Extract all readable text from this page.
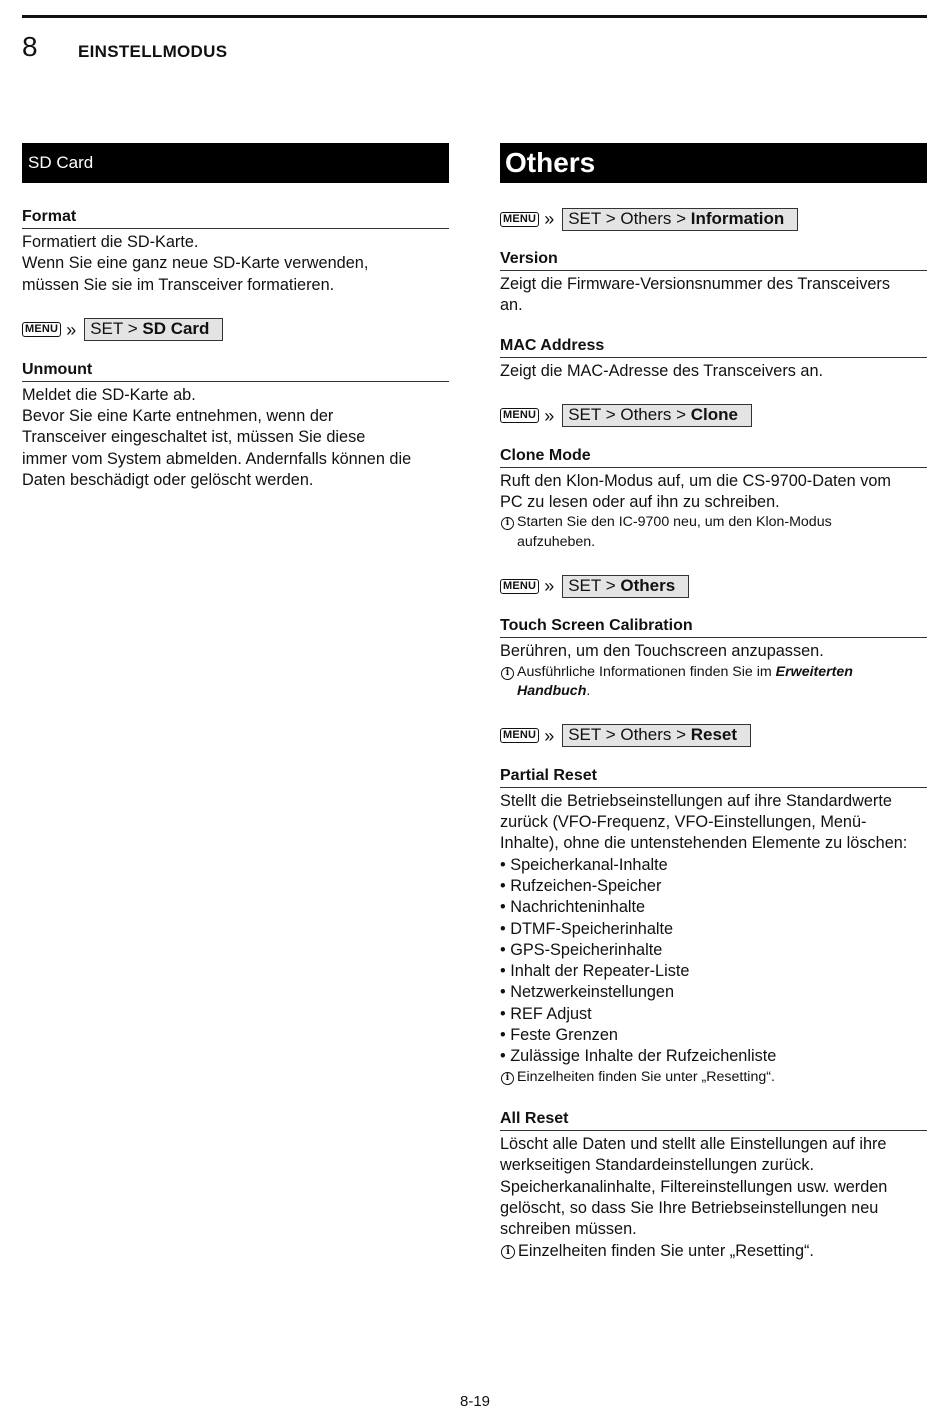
8 EINSTELLMODUS
SD Card
Format

Formatiert die SD-Karte.
Wenn Sie eine ganz neue SD-Karte verwenden,
müssen Sie sie im Transceiver formatieren.

MENU » SET > SD Card
Unmount

Meldet die SD-Karte ab.
Bevor Sie eine Karte entnehmen, wenn der
Transceiver eingeschaltet ist, müssen Sie diese
immer vom System abmelden. Andernfalls können die
Daten beschädigt oder gelöscht werden.

Others
MENU » SET > Others > Information
Version

Zeigt die Firmware-Versionsnummer des Transceivers
an.

MAC Address

Zeigt die MAC-Adresse des Transceivers an.

MENU » SET > Others > Clone
Clone Mode

Ruft den Klon-Modus auf, um die CS-9700-Daten vom
PC zu lesen oder auf ihn zu schreiben.

i Starten Sie den IC-9700 neu, um den Klon-Modus
aufzuheben.
MENU » SET > Others
Touch Screen Calibration

Berühren, um den Touchscreen anzupassen.

i Ausführliche Informationen finden Sie im Erweiterten
Handbuch.
MENU » SET > Others > Reset
Partial Reset

Stellt die Betriebseinstellungen auf ihre Standardwerte
zurück (VFO-Frequenz, VFO-Einstellungen, Menü-
Inhalte), ohne die untenstehenden Elemente zu löschen:

• Speicherkanal-Inhalte
• Rufzeichen-Speicher
• Nachrichteninhalte
• DTMF-Speicherinhalte
• GPS-Speicherinhalte
• Inhalt der Repeater-Liste
• Netzwerkeinstellungen
• REF Adjust
• Feste Grenzen
• Zulässige Inhalte der Rufzeichenliste
i Einzelheiten finden Sie unter „Resetting“.
All Reset

Löscht alle Daten und stellt alle Einstellungen auf ihre
werkseitigen Standardeinstellungen zurück.
Speicherkanalinhalte, Filtereinstellungen usw. werden
gelöscht, so dass Sie Ihre Betriebseinstellungen neu
schreiben müssen.

i Einzelheiten finden Sie unter „Resetting“.
8-19
